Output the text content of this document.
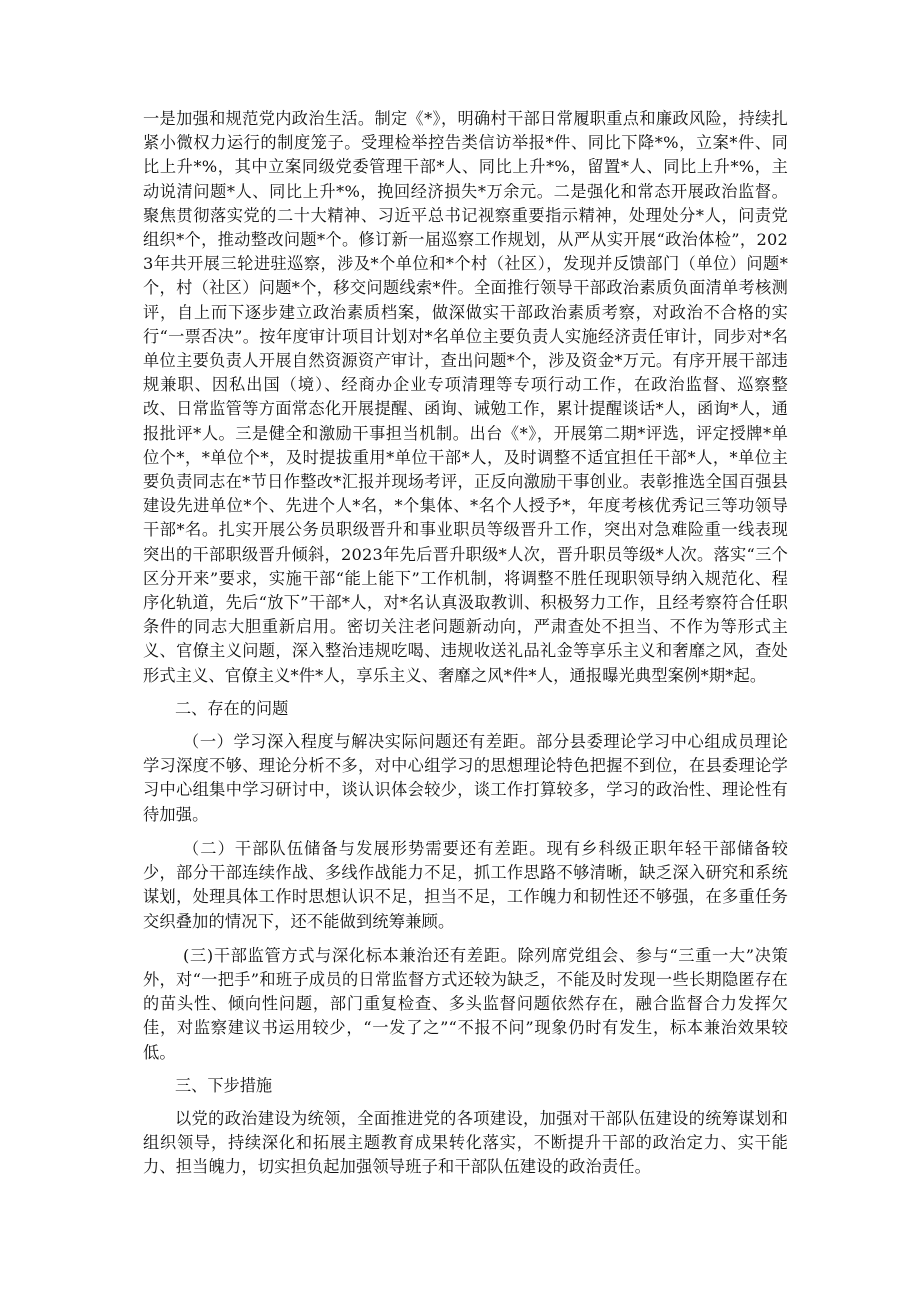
一是加强和规范党内政治生活。制定《*》，明确村干部日常履职重点和廉政风险，持续扎紧小微权力运行的制度笼子。受理检举控告类信访举报*件、同比下降*%，立案*件、同比上升*%，其中立案同级党委管理干部*人、同比上升*%，留置*人、同比上升*%，主动说清问题*人、同比上升*%，挽回经济损失*万余元。二是强化和常态开展政治监督。聚焦贯彻落实党的二十大精神、习近平总书记视察重要指示精神，处理处分*人，问责党组织*个，推动整改问题*个。修订新一届巡察工作规划，从严从实开展“政治体检”，2023年共开展三轮进驻巡察，涉及*个单位和*个村（社区），发现并反馈部门（单位）问题*个，村（社区）问题*个，移交问题线索*件。全面推行领导干部政治素质负面清单考核测评，自上而下逐步建立政治素质档案，做深做实干部政治素质考察，对政治不合格的实行“一票否决”。按年度审计项目计划对*名单位主要负责人实施经济责任审计，同步对*名单位主要负责人开展自然资源资产审计，查出问题*个，涉及资金*万元。有序开展干部违规兼职、因私出国（境）、经商办企业专项清理等专项行动工作，在政治监督、巡察整改、日常监管等方面常态化开展提醒、函询、诫勉工作，累计提醒谈话*人，函询*人，通报批评*人。三是健全和激励干事担当机制。出台《*》，开展第二期*评选，评定授牌*单位个*，*单位个*，及时提拔重用*单位干部*人，及时调整不适宜担任干部*人，*单位主要负责同志在*节日作整改*汇报并现场考评，正反向激励干事创业。表彰推选全国百强县建设先进单位*个、先进个人*名，*个集体、*名个人授予*，年度考核优秀记三等功领导干部*名。扎实开展公务员职级晋升和事业职员等级晋升工作，突出对急难险重一线表现突出的干部职级晋升倾斜，2023年先后晋升职级*人次，晋升职员等级*人次。落实“三个区分开来”要求，实施干部“能上能下”工作机制，将调整不胜任现职领导纳入规范化、程序化轨道，先后“放下”干部*人，对*名认真汲取教训、积极努力工作，且经考察符合任职条件的同志大胆重新启用。密切关注老问题新动向，严肃查处不担当、不作为等形式主义、官僚主义问题，深入整治违规吃喝、违规收送礼品礼金等享乐主义和奢靡之风，查处形式主义、官僚主义*件*人，享乐主义、奢靡之风*件*人，通报曝光典型案例*期*起。

二、存在的问题

（一）学习深入程度与解决实际问题还有差距。部分县委理论学习中心组成员理论学习深度不够、理论分析不多，对中心组学习的思想理论特色把握不到位，在县委理论学习中心组集中学习研讨中，谈认识体会较少，谈工作打算较多，学习的政治性、理论性有待加强。

（二）干部队伍储备与发展形势需要还有差距。现有乡科级正职年轻干部储备较少，部分干部连续作战、多线作战能力不足，抓工作思路不够清晰，缺乏深入研究和系统谋划，处理具体工作时思想认识不足，担当不足，工作魄力和韧性还不够强，在多重任务交织叠加的情况下，还不能做到统筹兼顾。

(三)干部监管方式与深化标本兼治还有差距。除列席党组会、参与“三重一大”决策外，对“一把手”和班子成员的日常监督方式还较为缺乏，不能及时发现一些长期隐匿存在的苗头性、倾向性问题，部门重复检查、多头监督问题依然存在，融合监督合力发挥欠佳，对监察建议书运用较少，“一发了之”“不报不问”现象仍时有发生，标本兼治效果较低。

三、下步措施

以党的政治建设为统领，全面推进党的各项建设，加强对干部队伍建设的统筹谋划和组织领导，持续深化和拓展主题教育成果转化落实，不断提升干部的政治定力、实干能力、担当魄力，切实担负起加强领导班子和干部队伍建设的政治责任。
